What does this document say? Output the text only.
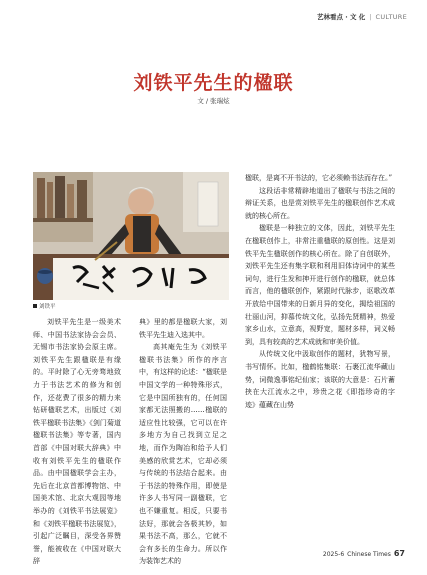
艺林看点 · 文 化 | CULTURE
刘铁平先生的楹联
文 / 张瑞炫
刘铁平

刘铁平先生是一级美术师、中国书法家协会会员、无锡市书法家协会原主席。刘铁平先生跟楹联是有缘的。平时除了心无旁骛地致力于书法艺术的修为和创作，还花费了很多的精力来钻研楹联艺术，出版过《刘铁平楹联书法集》《剑门菊道楹联书法集》等专著，国内首部《中国对联大辞典》中收有刘铁平先生的楹联作品。由中国楹联学会主办，先后在北京首都博物馆、中国美术馆、北京大观园等地举办的《刘铁平书法展览》和《刘铁平楹联书法展览》，引起广泛瞩目，深受各界赞誉，能被收在《中国对联大辞

典》里的都是楹联大家，刘铁平先生迪入选其中。

高其庵先生为《刘铁平楹联书法集》所作的序言中，有这样的论述：“楹联是中国文学的一种特殊形式，它是中国所独有的，任何国家都无法照搬的……楹联的适应性比较强，它可以在许多地方为自己找到立足之地，而作为陶冶和给予人们美感的欣赏艺术，它却必须与传统的书法结合起来。由于书法的特殊作用，即使是许多人书写同一副楹联，它也不嫌重复。相反，只要书法好，那就会各极其妙，如果书法不高，那么，它就不会有多长的生命力。所以作为装饰艺术的

楹联，是离不开书法的，它必须赖书法而存在。”

这段话非常精辟地道出了楹联与书法之间的辩证关系，也是赏刘铁平先生的楹联创作艺术成就的核心所在。

楹联是一种独立的文体，因此，刘铁平先生在楹联创作上，非常注重楹联的原创性。这是刘铁平先生楹联创作的核心所在。除了自创联外，刘铁平先生还有集字联和利用旧体诗词中的某些词句，进行生发和抻开进行创作的楹联，就总体而言，他的楹联创作，紧跟时代脉步，讴歌改革开放给中国带来的日新月异的变化，揭绘祖国的壮丽山河，抑慕传统文化，弘扬先贤精神，热爱家乡山水，立意高，视野宽，题材多样，词义畅到，具有较高的艺术成就和审美价值。

从传统文化中汲取创作的题材，犹物写景，书写情怀。比如，楹鹤铭集联：石裹江流华藏山势，词微逸事铭纪仙家；该联的大意是：石片蓄挟在大江流水之中，珍贵之花《即指珍奇的字迹》蕴藏在山势

2025-6 Chinese Times 67
